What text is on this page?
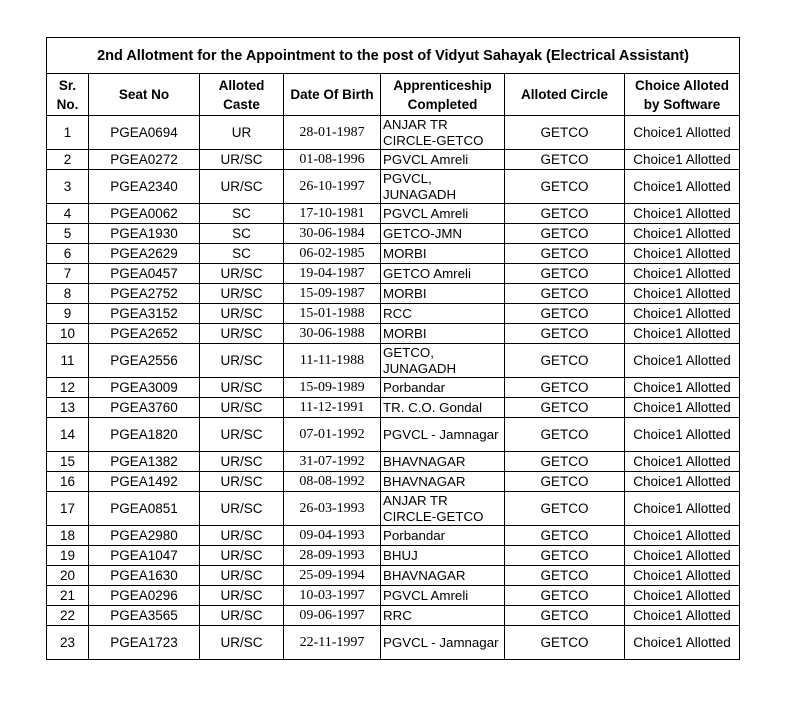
2nd Allotment for the Appointment to the post of Vidyut Sahayak (Electrical Assistant)						
Sr. No.	Seat No	Alloted Caste	Date Of Birth	Apprenticeship Completed	Alloted Circle	Choice Alloted by Software
1	PGEA0694	UR	28-01-1987	ANJAR TR CIRCLE-GETCO	GETCO	Choice1 Allotted
2	PGEA0272	UR/SC	01-08-1996	PGVCL Amreli	GETCO	Choice1 Allotted
3	PGEA2340	UR/SC	26-10-1997	PGVCL, JUNAGADH	GETCO	Choice1 Allotted
4	PGEA0062	SC	17-10-1981	PGVCL Amreli	GETCO	Choice1 Allotted
5	PGEA1930	SC	30-06-1984	GETCO-JMN	GETCO	Choice1 Allotted
6	PGEA2629	SC	06-02-1985	MORBI	GETCO	Choice1 Allotted
7	PGEA0457	UR/SC	19-04-1987	GETCO Amreli	GETCO	Choice1 Allotted
8	PGEA2752	UR/SC	15-09-1987	MORBI	GETCO	Choice1 Allotted
9	PGEA3152	UR/SC	15-01-1988	RCC	GETCO	Choice1 Allotted
10	PGEA2652	UR/SC	30-06-1988	MORBI	GETCO	Choice1 Allotted
11	PGEA2556	UR/SC	11-11-1988	GETCO, JUNAGADH	GETCO	Choice1 Allotted
12	PGEA3009	UR/SC	15-09-1989	Porbandar	GETCO	Choice1 Allotted
13	PGEA3760	UR/SC	11-12-1991	TR. C.O. Gondal	GETCO	Choice1 Allotted
14	PGEA1820	UR/SC	07-01-1992	PGVCL - Jamnagar	GETCO	Choice1 Allotted
15	PGEA1382	UR/SC	31-07-1992	BHAVNAGAR	GETCO	Choice1 Allotted
16	PGEA1492	UR/SC	08-08-1992	BHAVNAGAR	GETCO	Choice1 Allotted
17	PGEA0851	UR/SC	26-03-1993	ANJAR TR CIRCLE-GETCO	GETCO	Choice1 Allotted
18	PGEA2980	UR/SC	09-04-1993	Porbandar	GETCO	Choice1 Allotted
19	PGEA1047	UR/SC	28-09-1993	BHUJ	GETCO	Choice1 Allotted
20	PGEA1630	UR/SC	25-09-1994	BHAVNAGAR	GETCO	Choice1 Allotted
21	PGEA0296	UR/SC	10-03-1997	PGVCL Amreli	GETCO	Choice1 Allotted
22	PGEA3565	UR/SC	09-06-1997	RRC	GETCO	Choice1 Allotted
23	PGEA1723	UR/SC	22-11-1997	PGVCL - Jamnagar	GETCO	Choice1 Allotted
